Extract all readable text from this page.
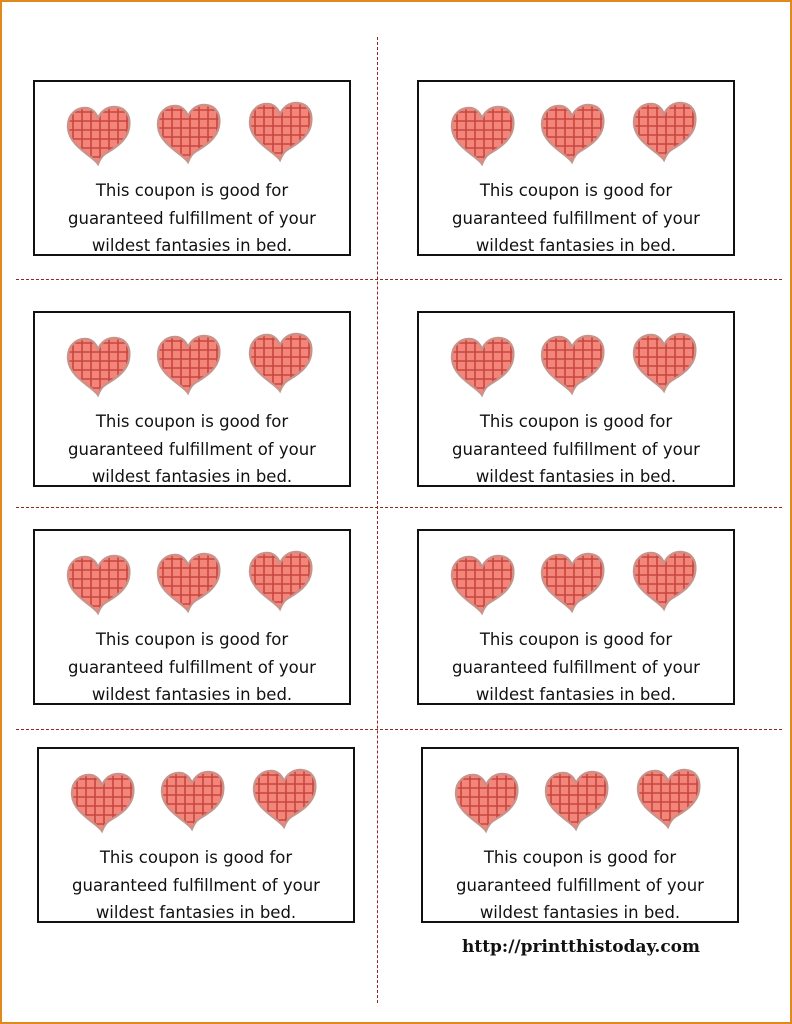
This coupon is good for
guaranteed fulfillment of your
wildest fantasies in bed.

This coupon is good for
guaranteed fulfillment of your
wildest fantasies in bed.

This coupon is good for
guaranteed fulfillment of your
wildest fantasies in bed.

This coupon is good for
guaranteed fulfillment of your
wildest fantasies in bed.

This coupon is good for
guaranteed fulfillment of your
wildest fantasies in bed.

This coupon is good for
guaranteed fulfillment of your
wildest fantasies in bed.

This coupon is good for
guaranteed fulfillment of your
wildest fantasies in bed.

This coupon is good for
guaranteed fulfillment of your
wildest fantasies in bed.

http://printthistoday.com
